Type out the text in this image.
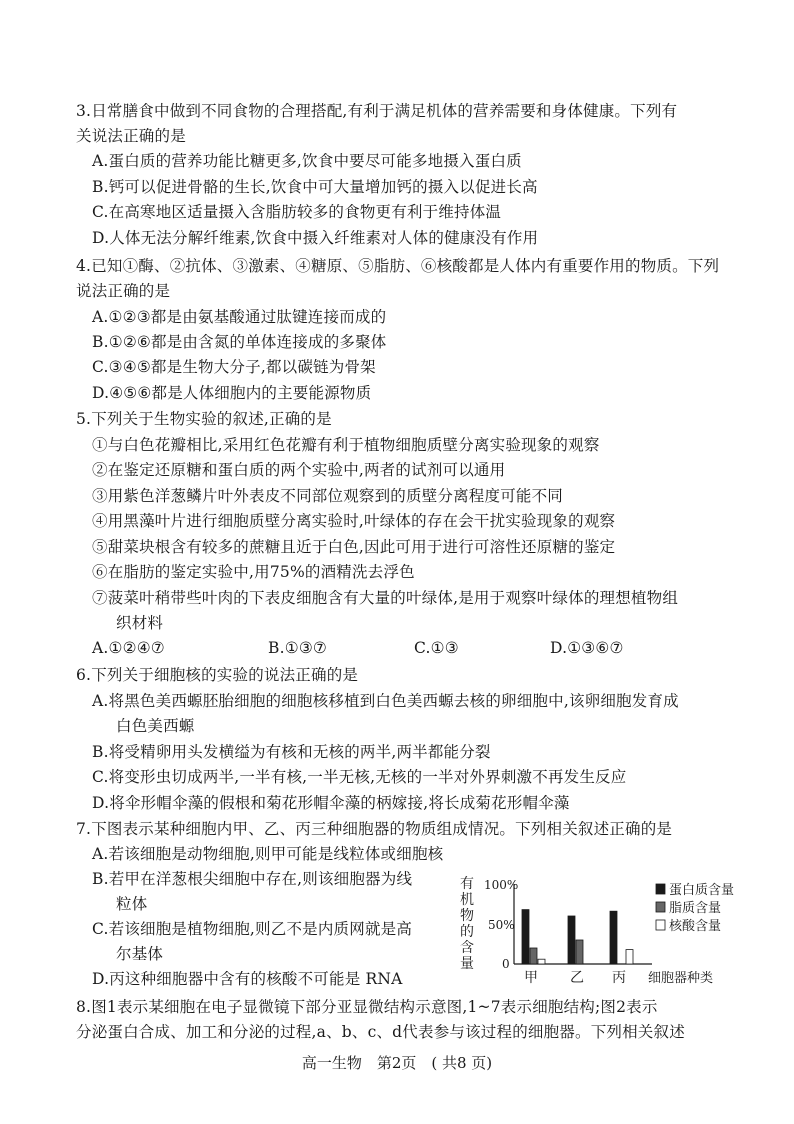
3.日常膳食中做到不同食物的合理搭配,有利于满足机体的营养需要和身体健康。下列有
关说法正确的是
A.蛋白质的营养功能比糖更多,饮食中要尽可能多地摄入蛋白质
B.钙可以促进骨骼的生长,饮食中可大量增加钙的摄入以促进长高
C.在高寒地区适量摄入含脂肪较多的食物更有利于维持体温
D.人体无法分解纤维素,饮食中摄入纤维素对人体的健康没有作用
4.已知①酶、②抗体、③激素、④糖原、⑤脂肪、⑥核酸都是人体内有重要作用的物质。下列
说法正确的是
A.①②③都是由氨基酸通过肽键连接而成的
B.①②⑥都是由含氮的单体连接成的多聚体
C.③④⑤都是生物大分子,都以碳链为骨架
D.④⑤⑥都是人体细胞内的主要能源物质
5.下列关于生物实验的叙述,正确的是
①与白色花瓣相比,采用红色花瓣有利于植物细胞质壁分离实验现象的观察
②在鉴定还原糖和蛋白质的两个实验中,两者的试剂可以通用
③用紫色洋葱鳞片叶外表皮不同部位观察到的质壁分离程度可能不同
④用黑藻叶片进行细胞质壁分离实验时,叶绿体的存在会干扰实验现象的观察
⑤甜菜块根含有较多的蔗糖且近于白色,因此可用于进行可溶性还原糖的鉴定
⑥在脂肪的鉴定实验中,用75%的酒精洗去浮色
⑦菠菜叶稍带些叶肉的下表皮细胞含有大量的叶绿体,是用于观察叶绿体的理想植物组
织材料
A.①②④⑦	B.①③⑦	C.①③	D.①③⑥⑦
6.下列关于细胞核的实验的说法正确的是
A.将黑色美西螈胚胎细胞的细胞核移植到白色美西螈去核的卵细胞中,该卵细胞发育成
白色美西螈
B.将受精卵用头发横缢为有核和无核的两半,两半都能分裂
C.将变形虫切成两半,一半有核,一半无核,无核的一半对外界刺激不再发生反应
D.将伞形帽伞藻的假根和菊花形帽伞藻的柄嫁接,将长成菊花形帽伞藻
7.下图表示某种细胞内甲、乙、丙三种细胞器的物质组成情况。下列相关叙述正确的是
A.若该细胞是动物细胞,则甲可能是线粒体或细胞核
B.若甲在洋葱根尖细胞中存在,则该细胞器为线
粒体
C.若该细胞是植物细胞,则乙不是内质网就是高
尔基体
D.丙这种细胞器中含有的核酸不可能是 RNA
有机物的含量
100%
50%
0
甲 乙 丙 细胞器种类
蛋白质含量
脂质含量
核酸含量
8.图1表示某细胞在电子显微镜下部分亚显微结构示意图,1~7表示细胞结构;图2表示
分泌蛋白合成、加工和分泌的过程,a、b、c、d代表参与该过程的细胞器。下列相关叙述
高一生物　第2页　( 共8 页)
